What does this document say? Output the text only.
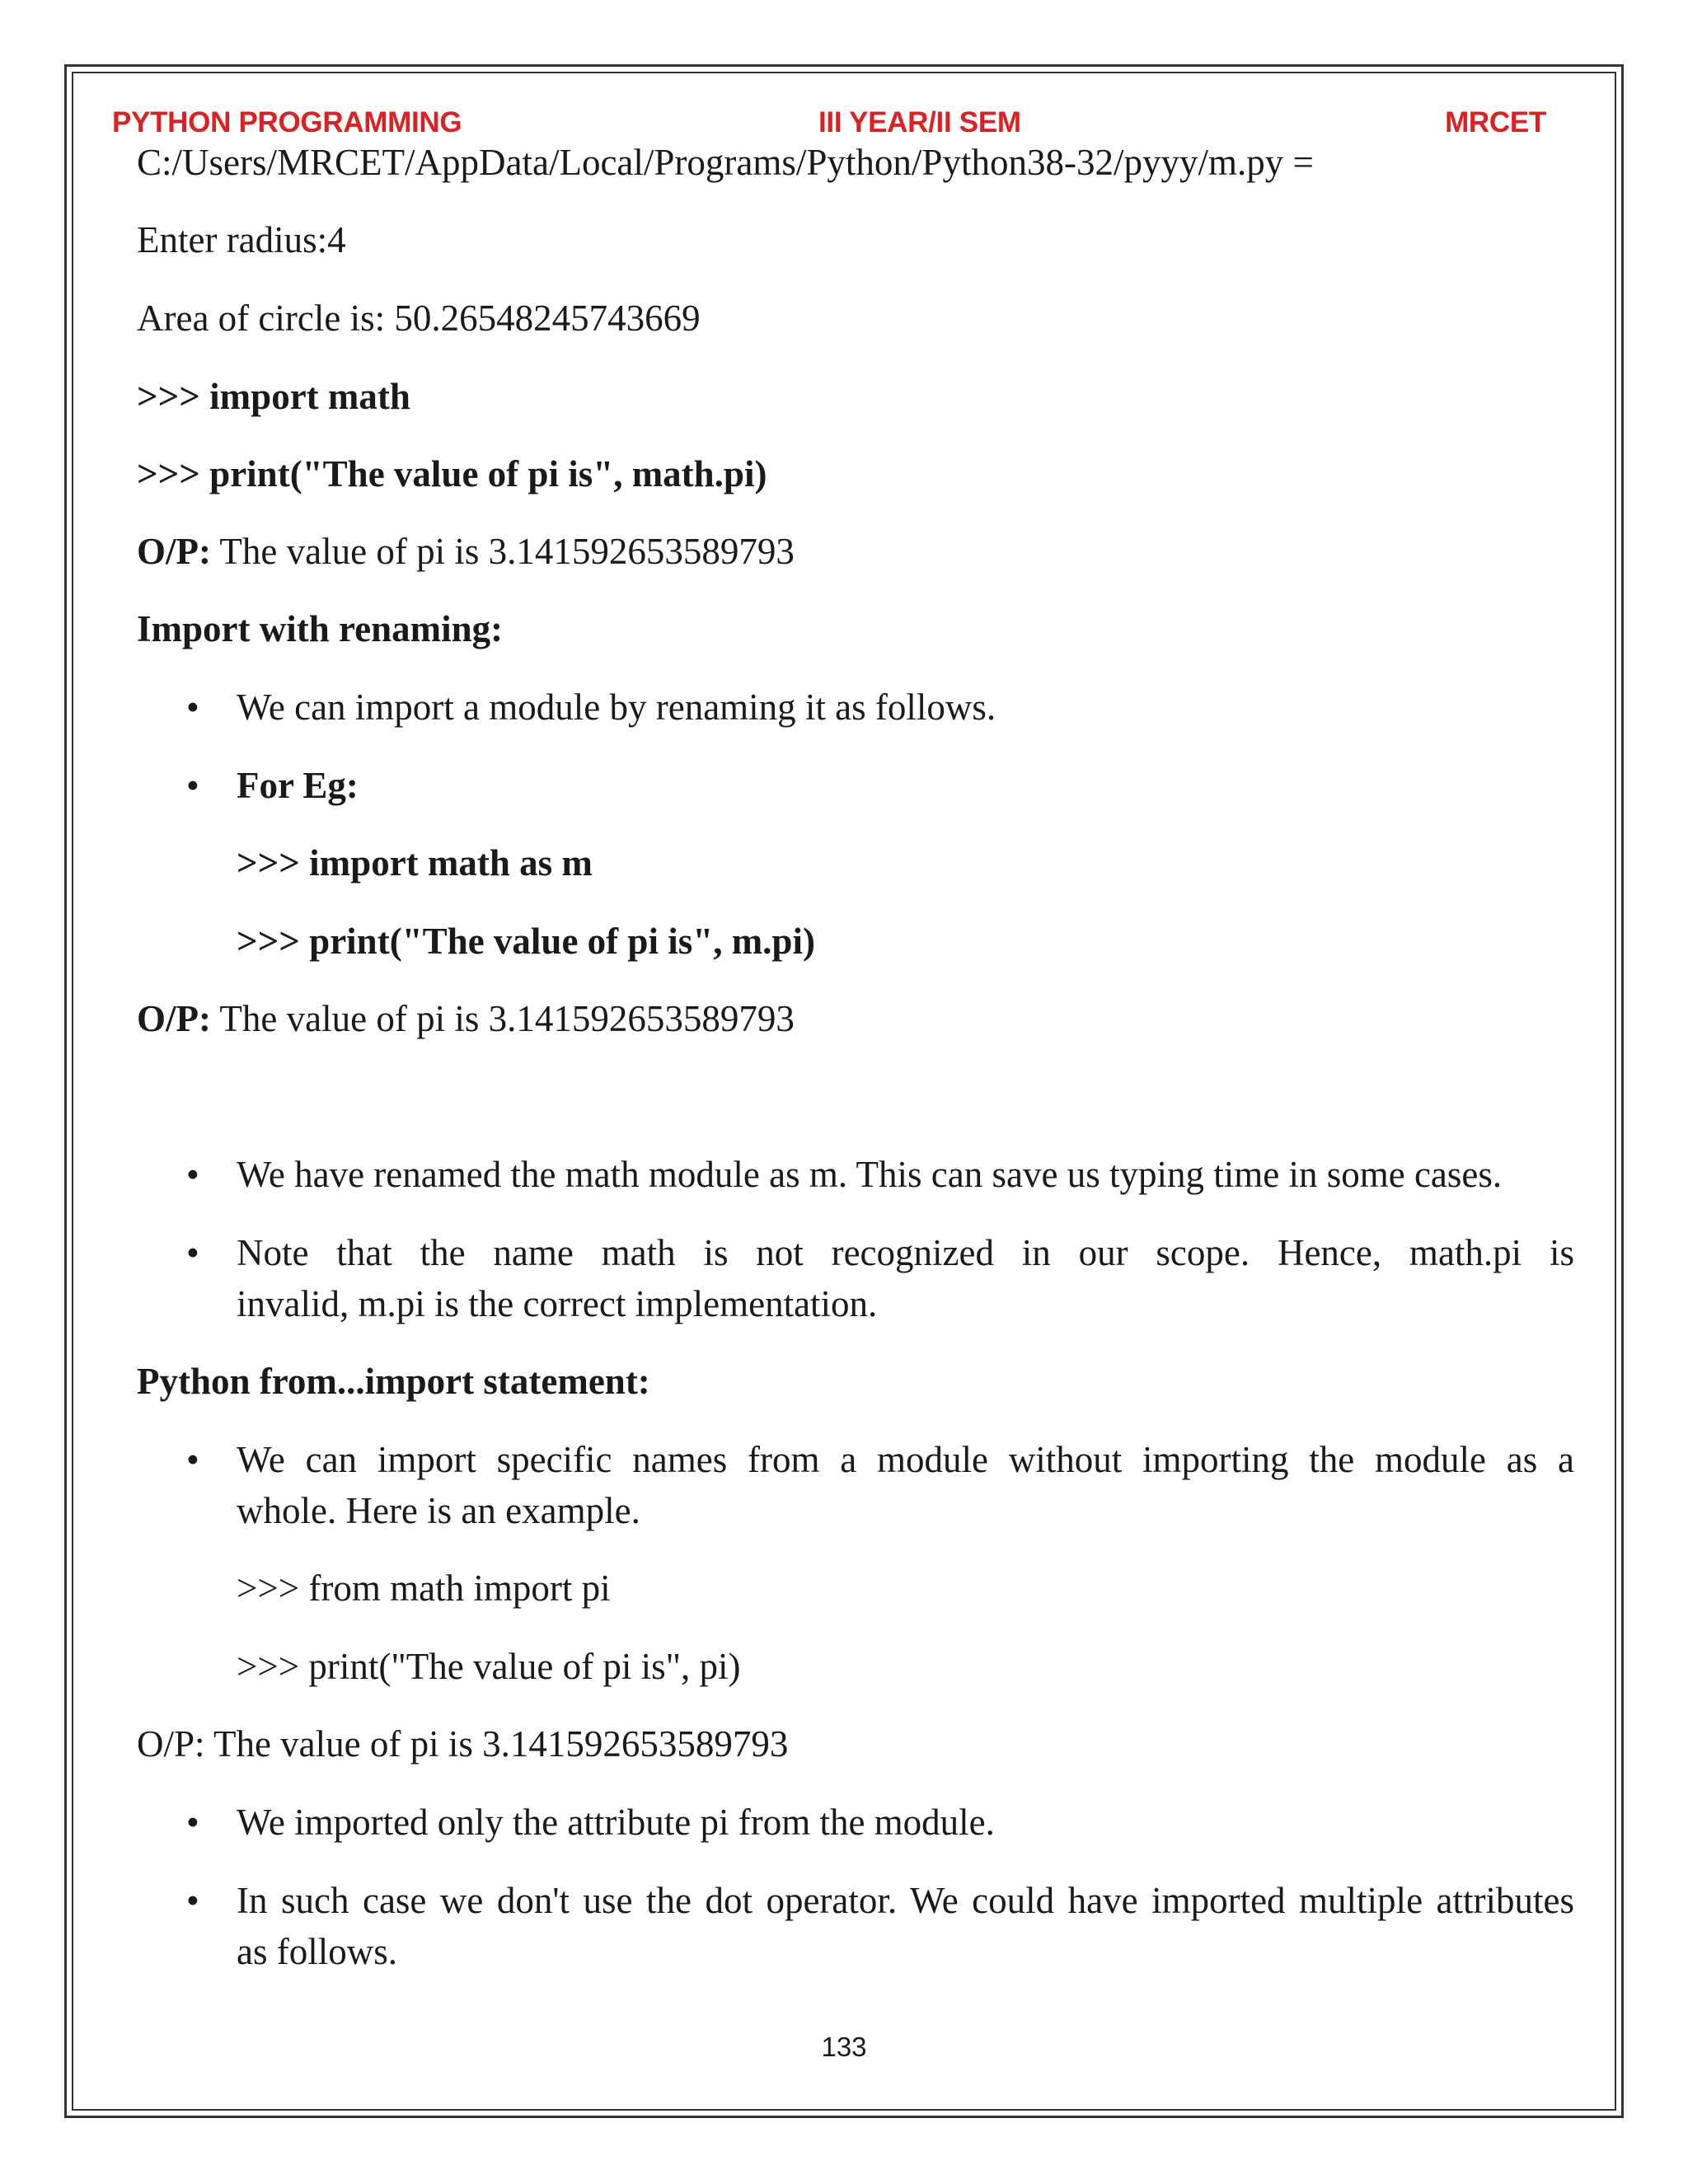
PYTHON PROGRAMMING	III YEAR/II SEM	MRCET
C:/Users/MRCET/AppData/Local/Programs/Python/Python38-32/pyyy/m.py =
Enter radius:4
Area of circle is: 50.26548245743669
>>> import math
>>> print("The value of pi is", math.pi)
O/P: The value of pi is 3.141592653589793
Import with renaming:
• We can import a module by renaming it as follows.
• For Eg:
>>> import math as m
>>> print("The value of pi is", m.pi)
O/P: The value of pi is 3.141592653589793
• We have renamed the math module as m. This can save us typing time in some cases.
• Note that the name math is not recognized in our scope. Hence, math.pi is
invalid, m.pi is the correct implementation.
Python from...import statement:
• We can import specific names from a module without importing the module as a
whole. Here is an example.
>>> from math import pi
>>> print("The value of pi is", pi)
O/P: The value of pi is 3.141592653589793
• We imported only the attribute pi from the module.
• In such case we don't use the dot operator. We could have imported multiple attributes
as follows.
133
